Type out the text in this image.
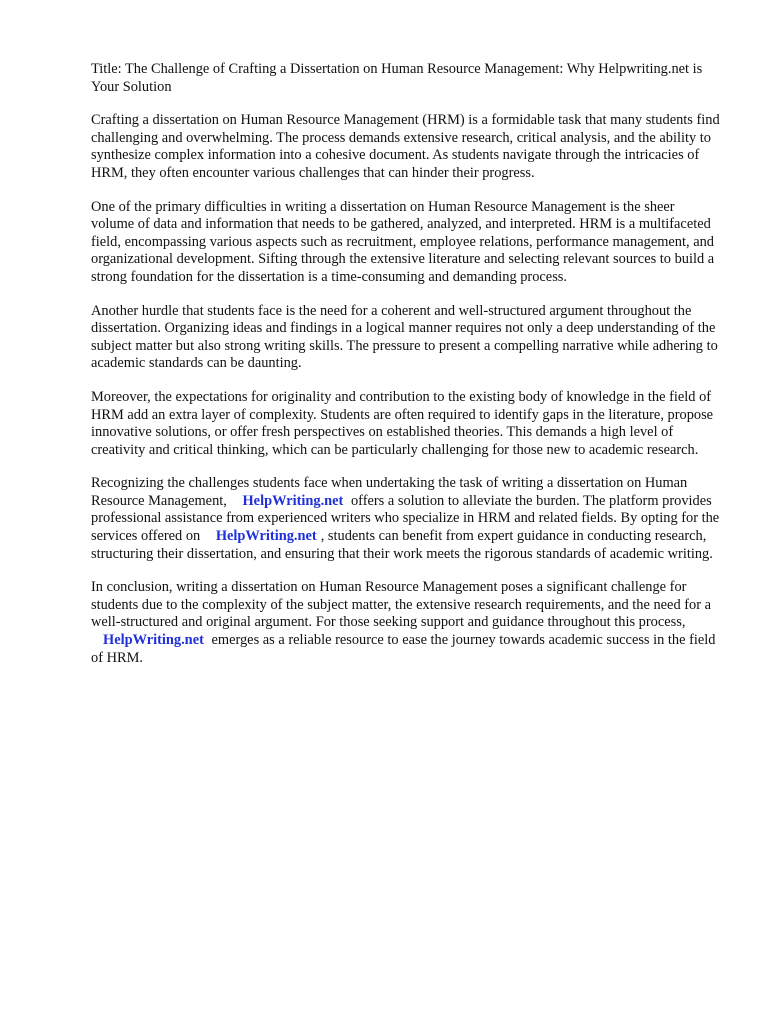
Title: The Challenge of Crafting a Dissertation on Human Resource Management: Why Helpwriting.net is Your Solution

Crafting a dissertation on Human Resource Management (HRM) is a formidable task that many students find challenging and overwhelming. The process demands extensive research, critical analysis, and the ability to synthesize complex information into a cohesive document. As students navigate through the intricacies of HRM, they often encounter various challenges that can hinder their progress.

One of the primary difficulties in writing a dissertation on Human Resource Management is the sheer volume of data and information that needs to be gathered, analyzed, and interpreted. HRM is a multifaceted field, encompassing various aspects such as recruitment, employee relations, performance management, and organizational development. Sifting through the extensive literature and selecting relevant sources to build a strong foundation for the dissertation is a time-consuming and demanding process.

Another hurdle that students face is the need for a coherent and well-structured argument throughout the dissertation. Organizing ideas and findings in a logical manner requires not only a deep understanding of the subject matter but also strong writing skills. The pressure to present a compelling narrative while adhering to academic standards can be daunting.

Moreover, the expectations for originality and contribution to the existing body of knowledge in the field of HRM add an extra layer of complexity. Students are often required to identify gaps in the literature, propose innovative solutions, or offer fresh perspectives on established theories. This demands a high level of creativity and critical thinking, which can be particularly challenging for those new to academic research.

Recognizing the challenges students face when undertaking the task of writing a dissertation on Human Resource Management, HelpWriting.net offers a solution to alleviate the burden. The platform provides professional assistance from experienced writers who specialize in HRM and related fields. By opting for the services offered on HelpWriting.net , students can benefit from expert guidance in conducting research, structuring their dissertation, and ensuring that their work meets the rigorous standards of academic writing.

In conclusion, writing a dissertation on Human Resource Management poses a significant challenge for students due to the complexity of the subject matter, the extensive research requirements, and the need for a well-structured and original argument. For those seeking support and guidance throughout this process, HelpWriting.net emerges as a reliable resource to ease the journey towards academic success in the field of HRM.
